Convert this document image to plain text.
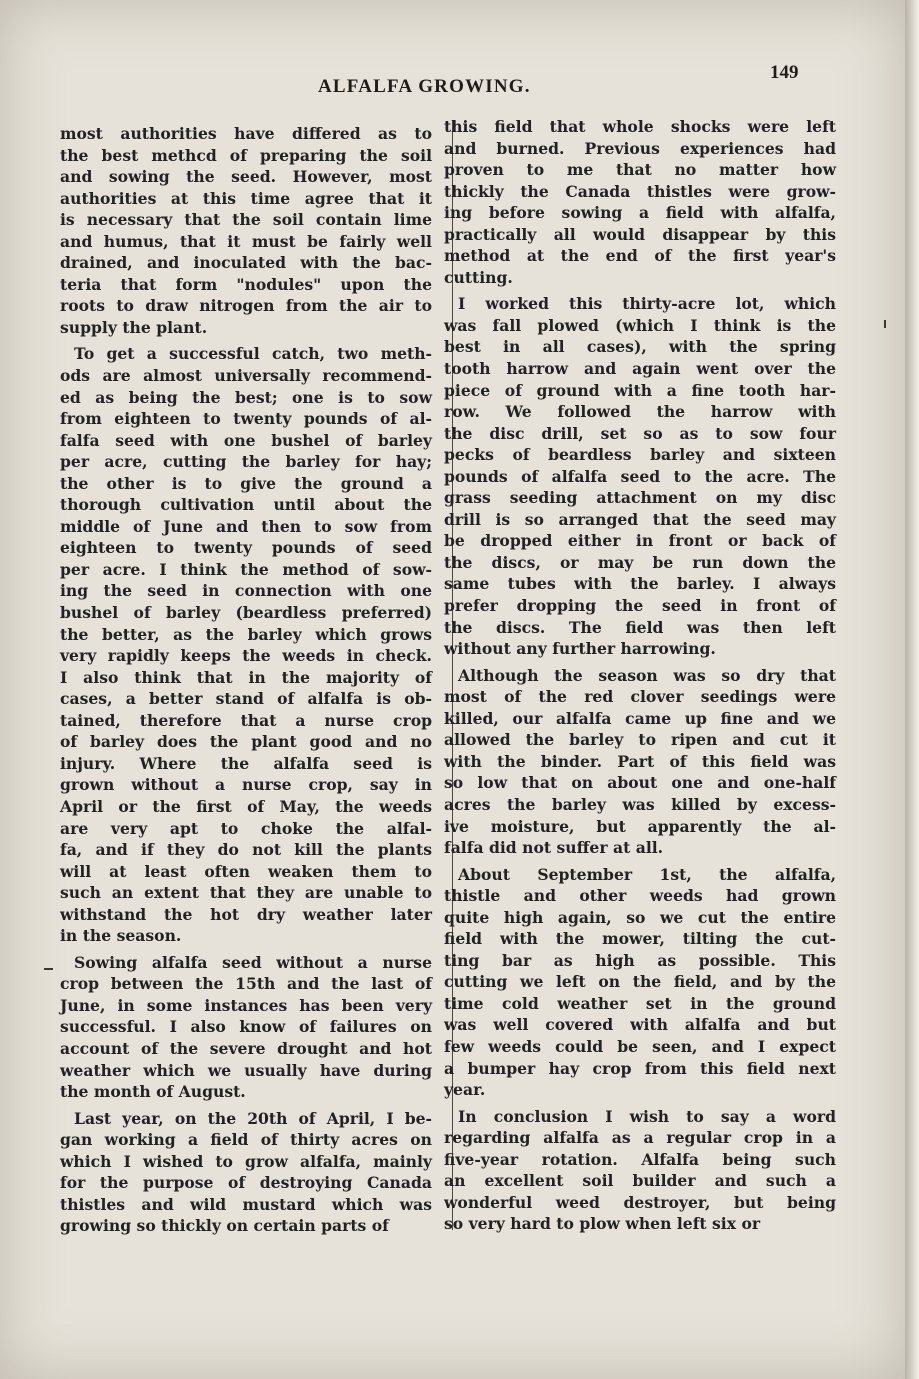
ALFALFA GROWING.
149
most authorities have differed as to
the best methcd of preparing the soil
and sowing the seed. However, most
authorities at this time agree that it
is necessary that the soil contain lime
and humus, that it must be fairly well
drained, and inoculated with the bac-
teria that form "nodules" upon the
roots to draw nitrogen from the air to
supply the plant.
To get a successful catch, two meth-
ods are almost universally recommend-
ed as being the best; one is to sow
from eighteen to twenty pounds of al-
falfa seed with one bushel of barley
per acre, cutting the barley for hay;
the other is to give the ground a
thorough cultivation until about the
middle of June and then to sow from
eighteen to twenty pounds of seed
per acre. I think the method of sow-
ing the seed in connection with one
bushel of barley (beardless preferred)
the better, as the barley which grows
very rapidly keeps the weeds in check.
I also think that in the majority of
cases, a better stand of alfalfa is ob-
tained, therefore that a nurse crop
of barley does the plant good and no
injury. Where the alfalfa seed is
grown without a nurse crop, say in
April or the first of May, the weeds
are very apt to choke the alfal-
fa, and if they do not kill the plants
will at least often weaken them to
such an extent that they are unable to
withstand the hot dry weather later
in the season.
Sowing alfalfa seed without a nurse
crop between the 15th and the last of
June, in some instances has been very
successful. I also know of failures on
account of the severe drought and hot
weather which we usually have during
the month of August.
Last year, on the 20th of April, I be-
gan working a field of thirty acres on
which I wished to grow alfalfa, mainly
for the purpose of destroying Canada
thistles and wild mustard which was
growing so thickly on certain parts of
this field that whole shocks were left
and burned. Previous experiences had
proven to me that no matter how
thickly the Canada thistles were grow-
ing before sowing a field with alfalfa,
practically all would disappear by this
method at the end of the first year's
cutting.
I worked this thirty-acre lot, which
was fall plowed (which I think is the
best in all cases), with the spring
tooth harrow and again went over the
piece of ground with a fine tooth har-
row. We followed the harrow with
the disc drill, set so as to sow four
pecks of beardless barley and sixteen
pounds of alfalfa seed to the acre. The
grass seeding attachment on my disc
drill is so arranged that the seed may
be dropped either in front or back of
the discs, or may be run down the
same tubes with the barley. I always
prefer dropping the seed in front of
the discs. The field was then left
without any further harrowing.
Although the season was so dry that
most of the red clover seedings were
killed, our alfalfa came up fine and we
allowed the barley to ripen and cut it
with the binder. Part of this field was
so low that on about one and one-half
acres the barley was killed by excess-
ive moisture, but apparently the al-
falfa did not suffer at all.
About September 1st, the alfalfa,
thistle and other weeds had grown
quite high again, so we cut the entire
field with the mower, tilting the cut-
ting bar as high as possible. This
cutting we left on the field, and by the
time cold weather set in the ground
was well covered with alfalfa and but
few weeds could be seen, and I expect
a bumper hay crop from this field next
year.
In conclusion I wish to say a word
regarding alfalfa as a regular crop in a
five-year rotation. Alfalfa being such
an excellent soil builder and such a
wonderful weed destroyer, but being
so very hard to plow when left six or
